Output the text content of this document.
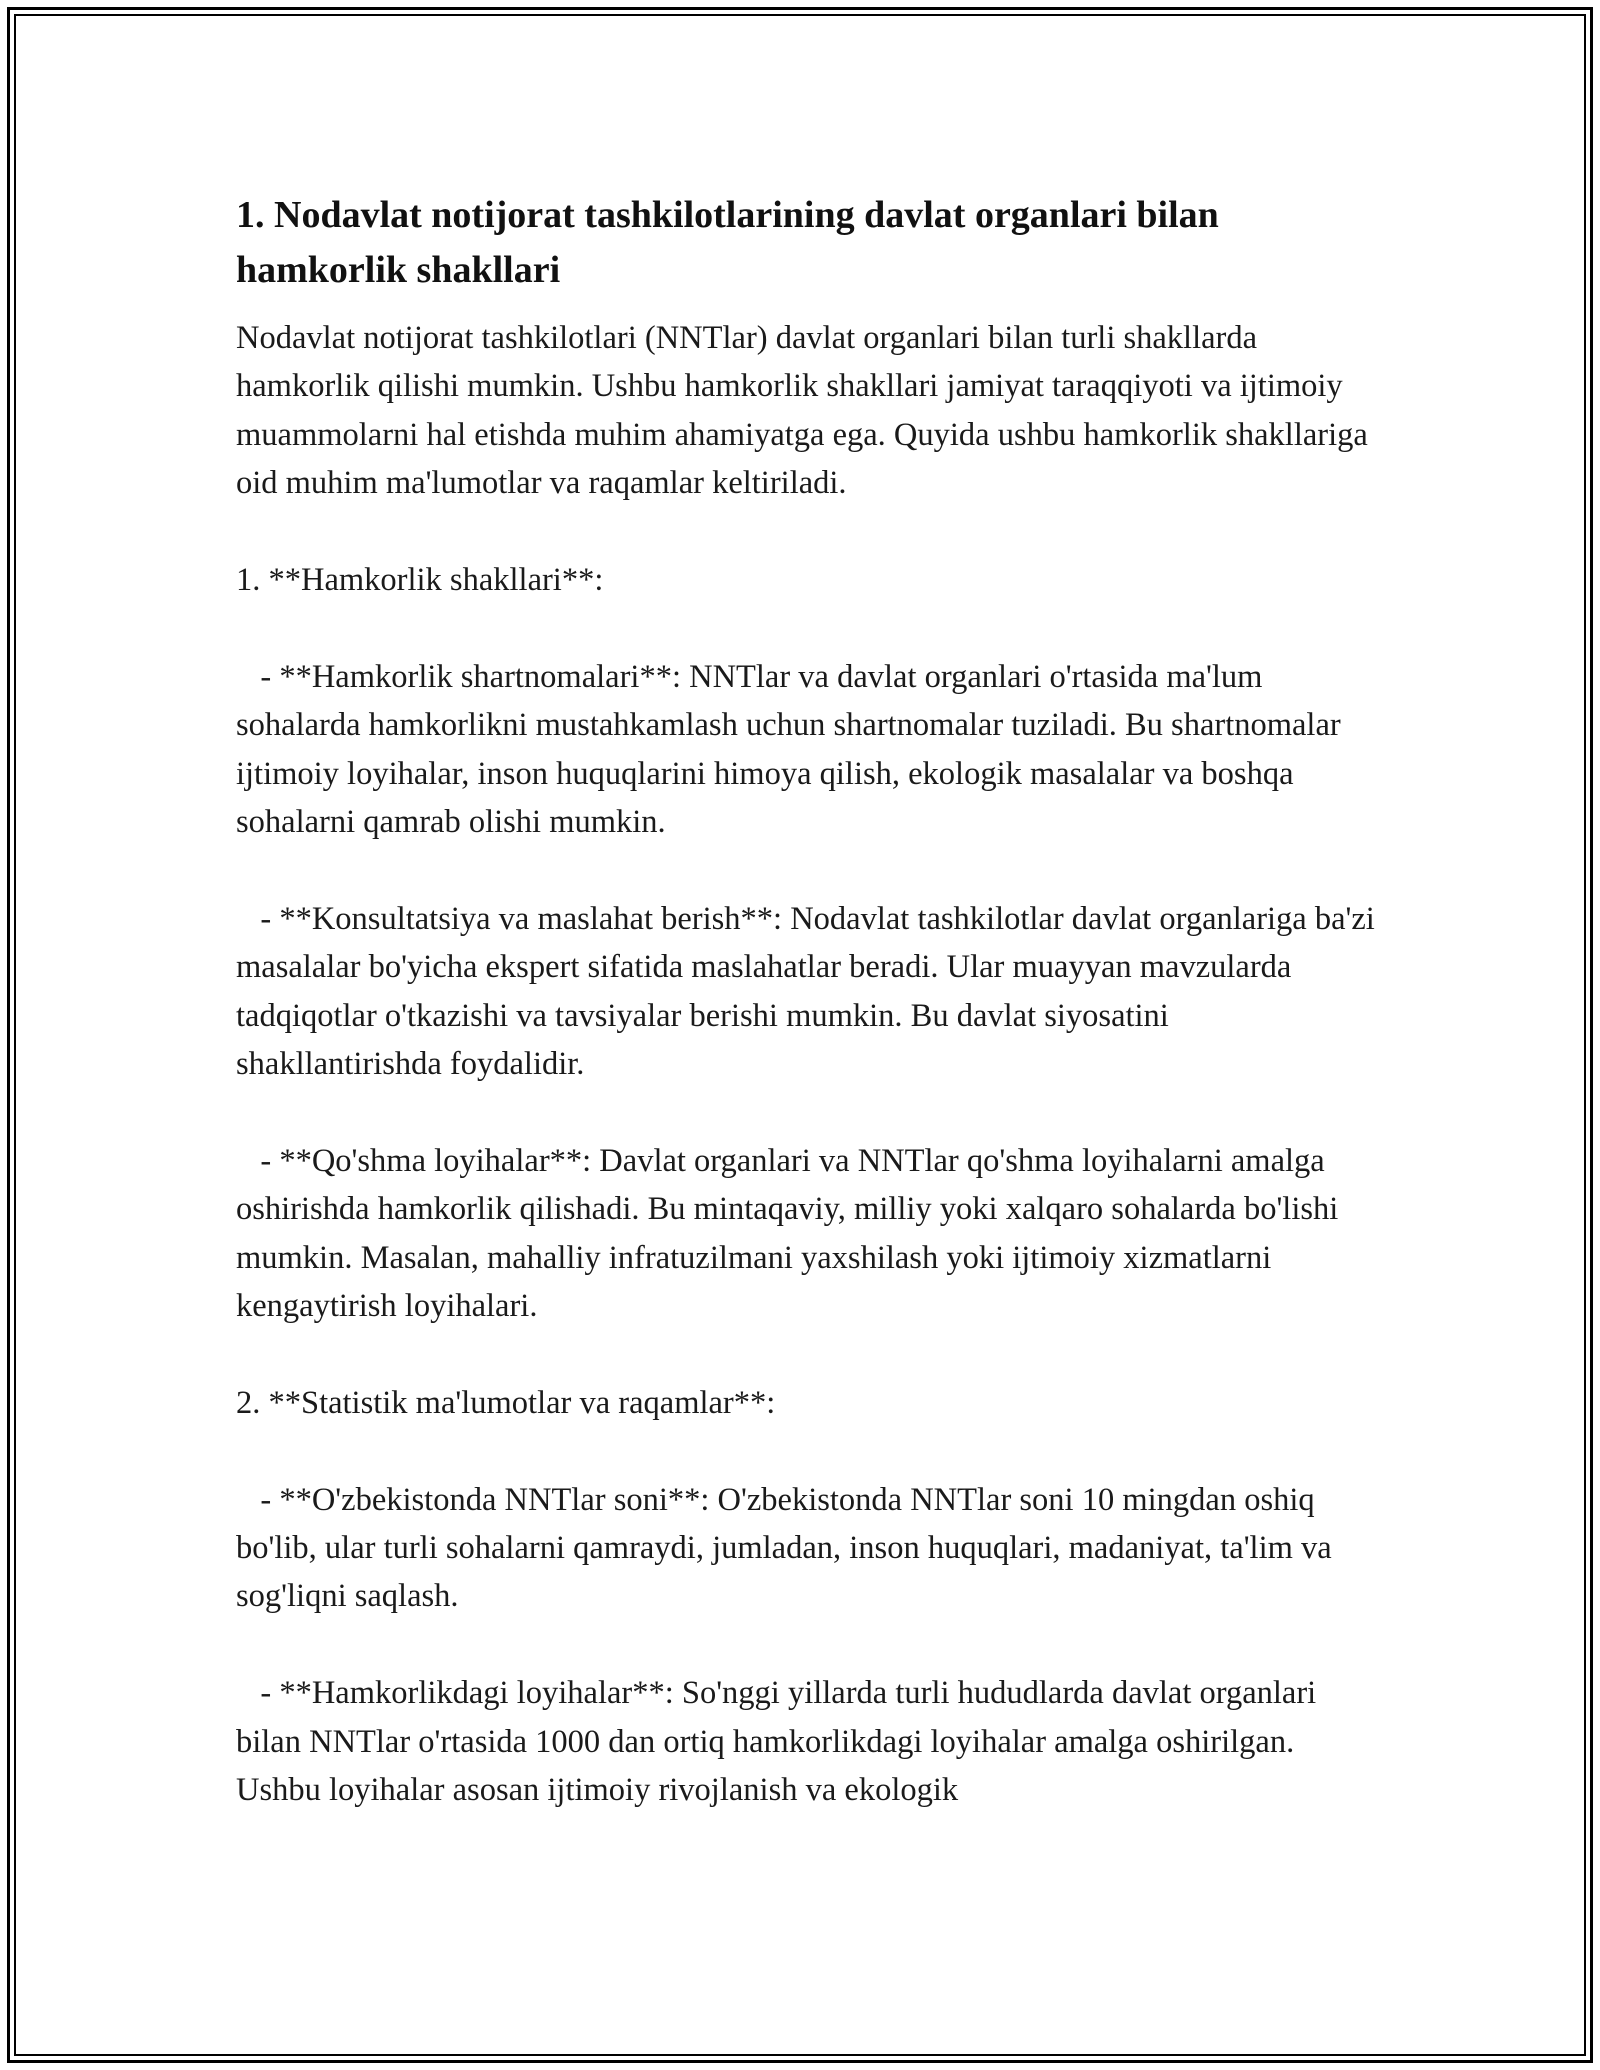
1. Nodavlat notijorat tashkilotlarining davlat organlari bilan hamkorlik shakllari

Nodavlat notijorat tashkilotlari (NNTlar) davlat organlari bilan turli shakllarda hamkorlik qilishi mumkin. Ushbu hamkorlik shakllari jamiyat taraqqiyoti va ijtimoiy muammolarni hal etishda muhim ahamiyatga ega. Quyida ushbu hamkorlik shakllariga oid muhim ma'lumotlar va raqamlar keltiriladi.

1. **Hamkorlik shakllari**:

- **Hamkorlik shartnomalari**: NNTlar va davlat organlari o'rtasida ma'lum sohalarda hamkorlikni mustahkamlash uchun shartnomalar tuziladi. Bu shartnomalar ijtimoiy loyihalar, inson huquqlarini himoya qilish, ekologik masalalar va boshqa sohalarni qamrab olishi mumkin.

- **Konsultatsiya va maslahat berish**: Nodavlat tashkilotlar davlat organlariga ba'zi masalalar bo'yicha ekspert sifatida maslahatlar beradi. Ular muayyan mavzularda tadqiqotlar o'tkazishi va tavsiyalar berishi mumkin. Bu davlat siyosatini shakllantirishda foydalidir.

- **Qo'shma loyihalar**: Davlat organlari va NNTlar qo'shma loyihalarni amalga oshirishda hamkorlik qilishadi. Bu mintaqaviy, milliy yoki xalqaro sohalarda bo'lishi mumkin. Masalan, mahalliy infratuzilmani yaxshilash yoki ijtimoiy xizmatlarni kengaytirish loyihalari.

2. **Statistik ma'lumotlar va raqamlar**:

- **O'zbekistonda NNTlar soni**: O'zbekistonda NNTlar soni 10 mingdan oshiq bo'lib, ular turli sohalarni qamraydi, jumladan, inson huquqlari, madaniyat, ta'lim va sog'liqni saqlash.

- **Hamkorlikdagi loyihalar**: So'nggi yillarda turli hududlarda davlat organlari bilan NNTlar o'rtasida 1000 dan ortiq hamkorlikdagi loyihalar amalga oshirilgan. Ushbu loyihalar asosan ijtimoiy rivojlanish va ekologik
